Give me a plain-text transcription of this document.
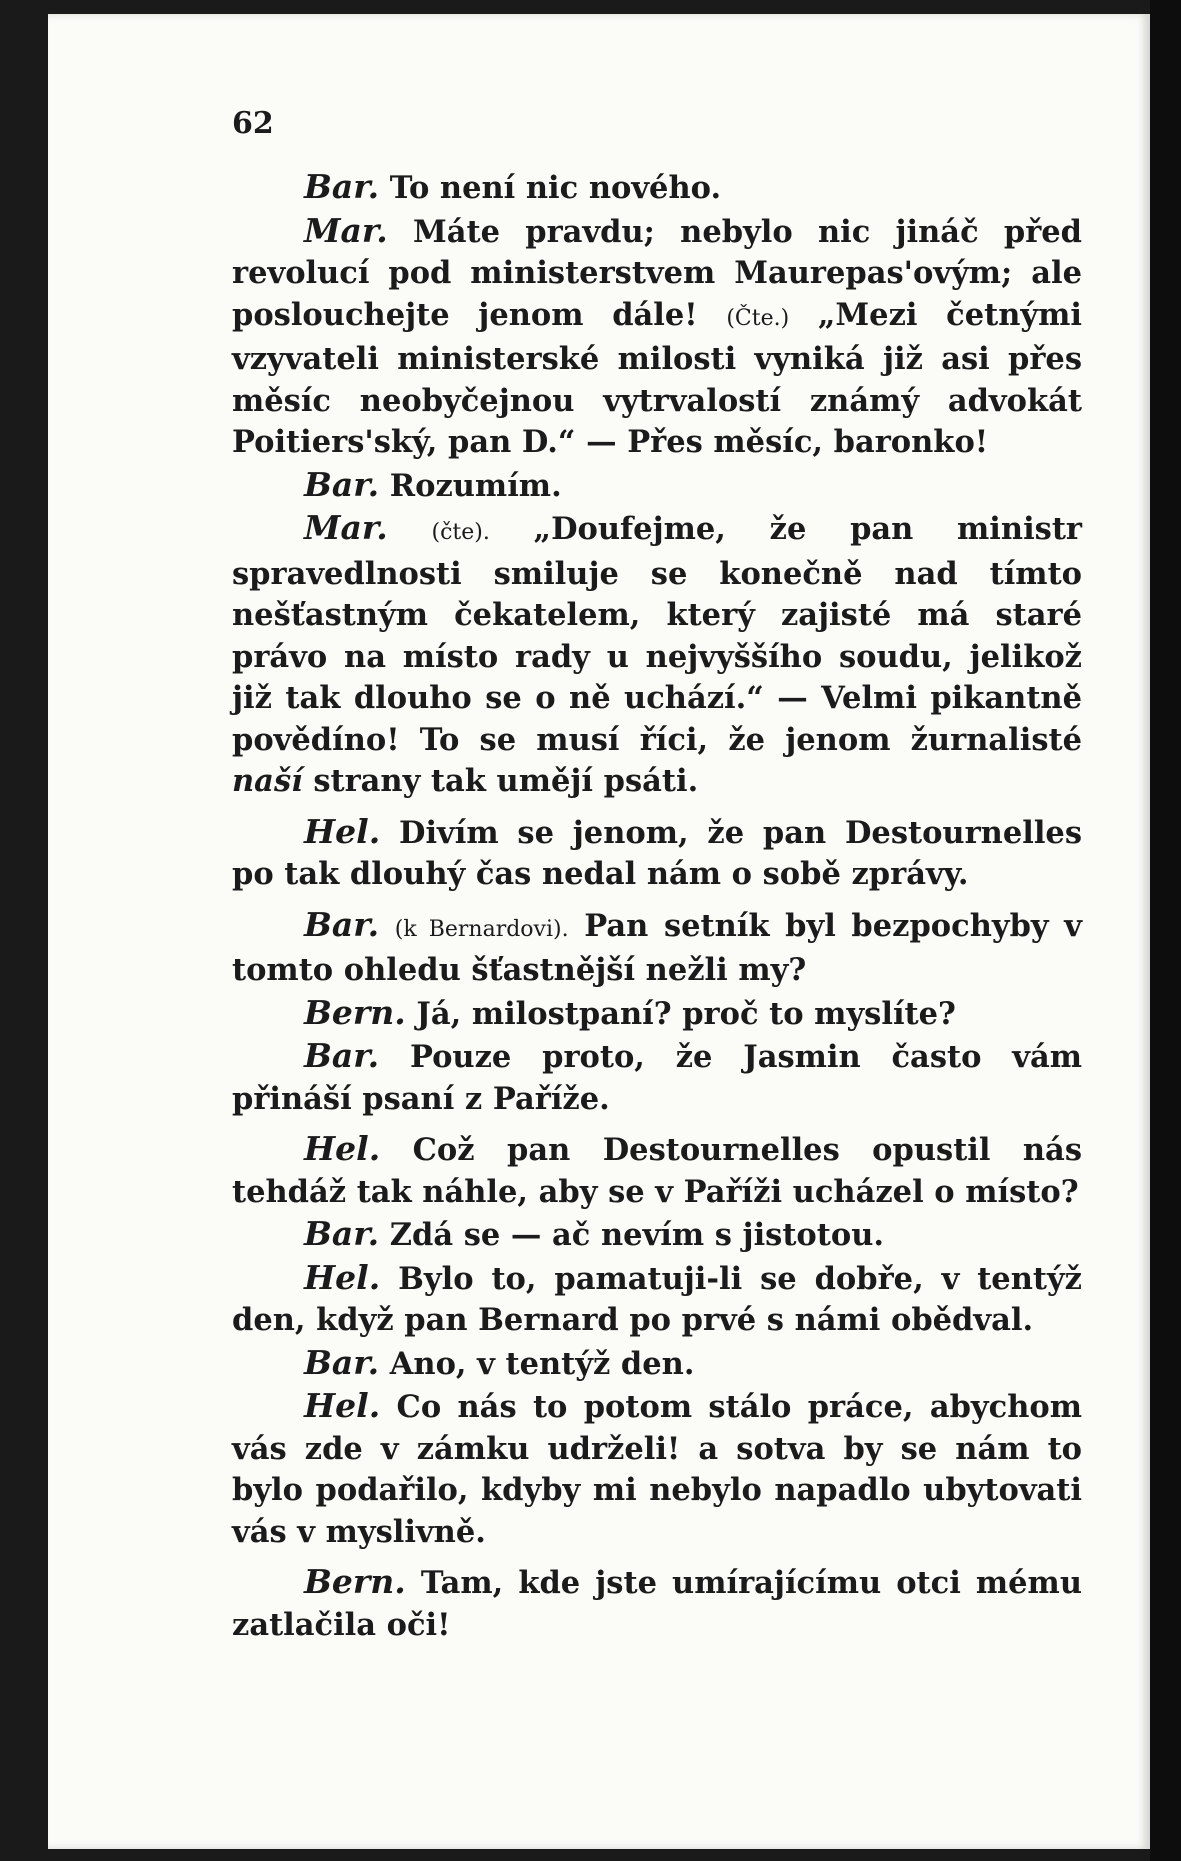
62

Bar. To není nic nového.

Mar. Máte pravdu; nebylo nic jináč před revolucí pod ministerstvem Maurepas'ovým; ale poslouchejte jenom dále! (Čte.) „Mezi četnými vzyvateli ministerské milosti vyniká již asi přes měsíc neobyčejnou vytrvalostí známý advokát Poitiers'ský, pan D.“ — Přes měsíc, baronko!

Bar. Rozumím.

Mar. (čte). „Doufejme, že pan ministr spravedlnosti smiluje se konečně nad tímto nešťastným čekatelem, který zajisté má staré právo na místo rady u nejvyššího soudu, jelikož již tak dlouho se o ně uchází.“ — Velmi pikantně povědíno! To se musí říci, že jenom žurnalisté naší strany tak umějí psáti.

Hel. Divím se jenom, že pan Destournelles po tak dlouhý čas nedal nám o sobě zprávy.

Bar. (k Bernardovi). Pan setník byl bezpochyby v tomto ohledu šťastnější nežli my?

Bern. Já, milostpaní? proč to myslíte?

Bar. Pouze proto, že Jasmin často vám přináší psaní z Paříže.

Hel. Což pan Destournelles opustil nás tehdáž tak náhle, aby se v Paříži ucházel o místo?

Bar. Zdá se — ač nevím s jistotou.

Hel. Bylo to, pamatuji-li se dobře, v tentýž den, když pan Bernard po prvé s námi obědval.

Bar. Ano, v tentýž den.

Hel. Co nás to potom stálo práce, abychom vás zde v zámku udrželi! a sotva by se nám to bylo podařilo, kdyby mi nebylo napadlo ubytovati vás v myslivně.

Bern. Tam, kde jste umírajícímu otci mému zatlačila oči!
